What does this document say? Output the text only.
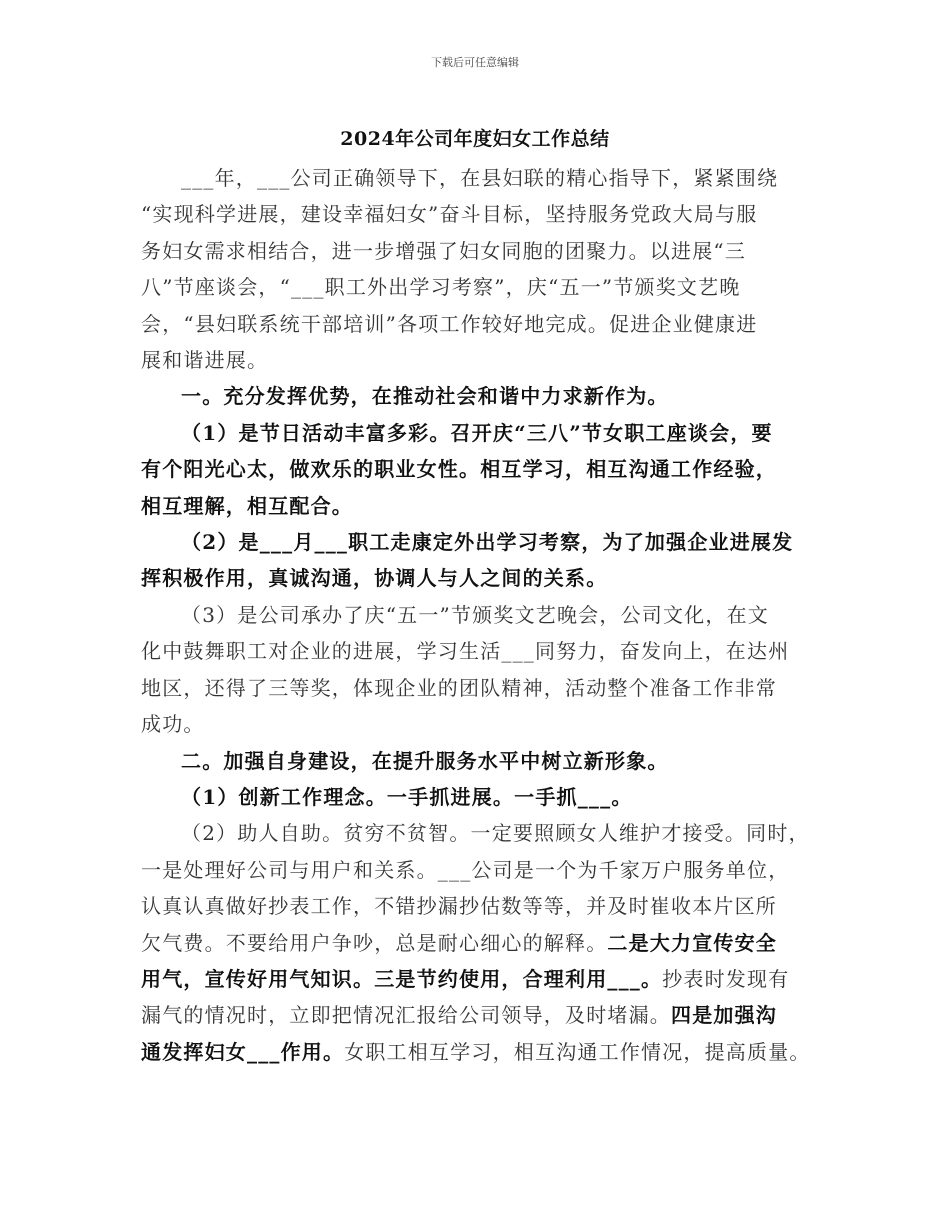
下载后可任意编辑
2024年公司年度妇女工作总结

___年，___公司正确领导下，在县妇联的精心指导下，紧紧围绕
“实现科学进展，建设幸福妇女”奋斗目标，坚持服务党政大局与服
务妇女需求相结合，进一步增强了妇女同胞的团聚力。以进展“三
八”节座谈会，“___职工外出学习考察”，庆“五一”节颁奖文艺晚
会，“县妇联系统干部培训”各项工作较好地完成。促进企业健康进
展和谐进展。

一。充分发挥优势，在推动社会和谐中力求新作为。

（1）是节日活动丰富多彩。召开庆“三八”节女职工座谈会，要
有个阳光心太，做欢乐的职业女性。相互学习，相互沟通工作经验，
相互理解，相互配合。

（2）是___月___职工走康定外出学习考察，为了加强企业进展发
挥积极作用，真诚沟通，协调人与人之间的关系。

（3）是公司承办了庆“五一”节颁奖文艺晚会，公司文化，在文
化中鼓舞职工对企业的进展，学习生活___同努力，奋发向上，在达州
地区，还得了三等奖，体现企业的团队精神，活动整个准备工作非常
成功。

二。加强自身建设，在提升服务水平中树立新形象。

（1）创新工作理念。一手抓进展。一手抓___。

（2）助人自助。贫穷不贫智。一定要照顾女人维护才接受。同时，
一是处理好公司与用户和关系。___公司是一个为千家万户服务单位，
认真认真做好抄表工作，不错抄漏抄估数等等，并及时崔收本片区所
欠气费。不要给用户争吵，总是耐心细心的解释。二是大力宣传安全
用气，宣传好用气知识。三是节约使用，合理利用___。抄表时发现有
漏气的情况时，立即把情况汇报给公司领导，及时堵漏。四是加强沟
通发挥妇女___作用。女职工相互学习，相互沟通工作情况，提高质量。
